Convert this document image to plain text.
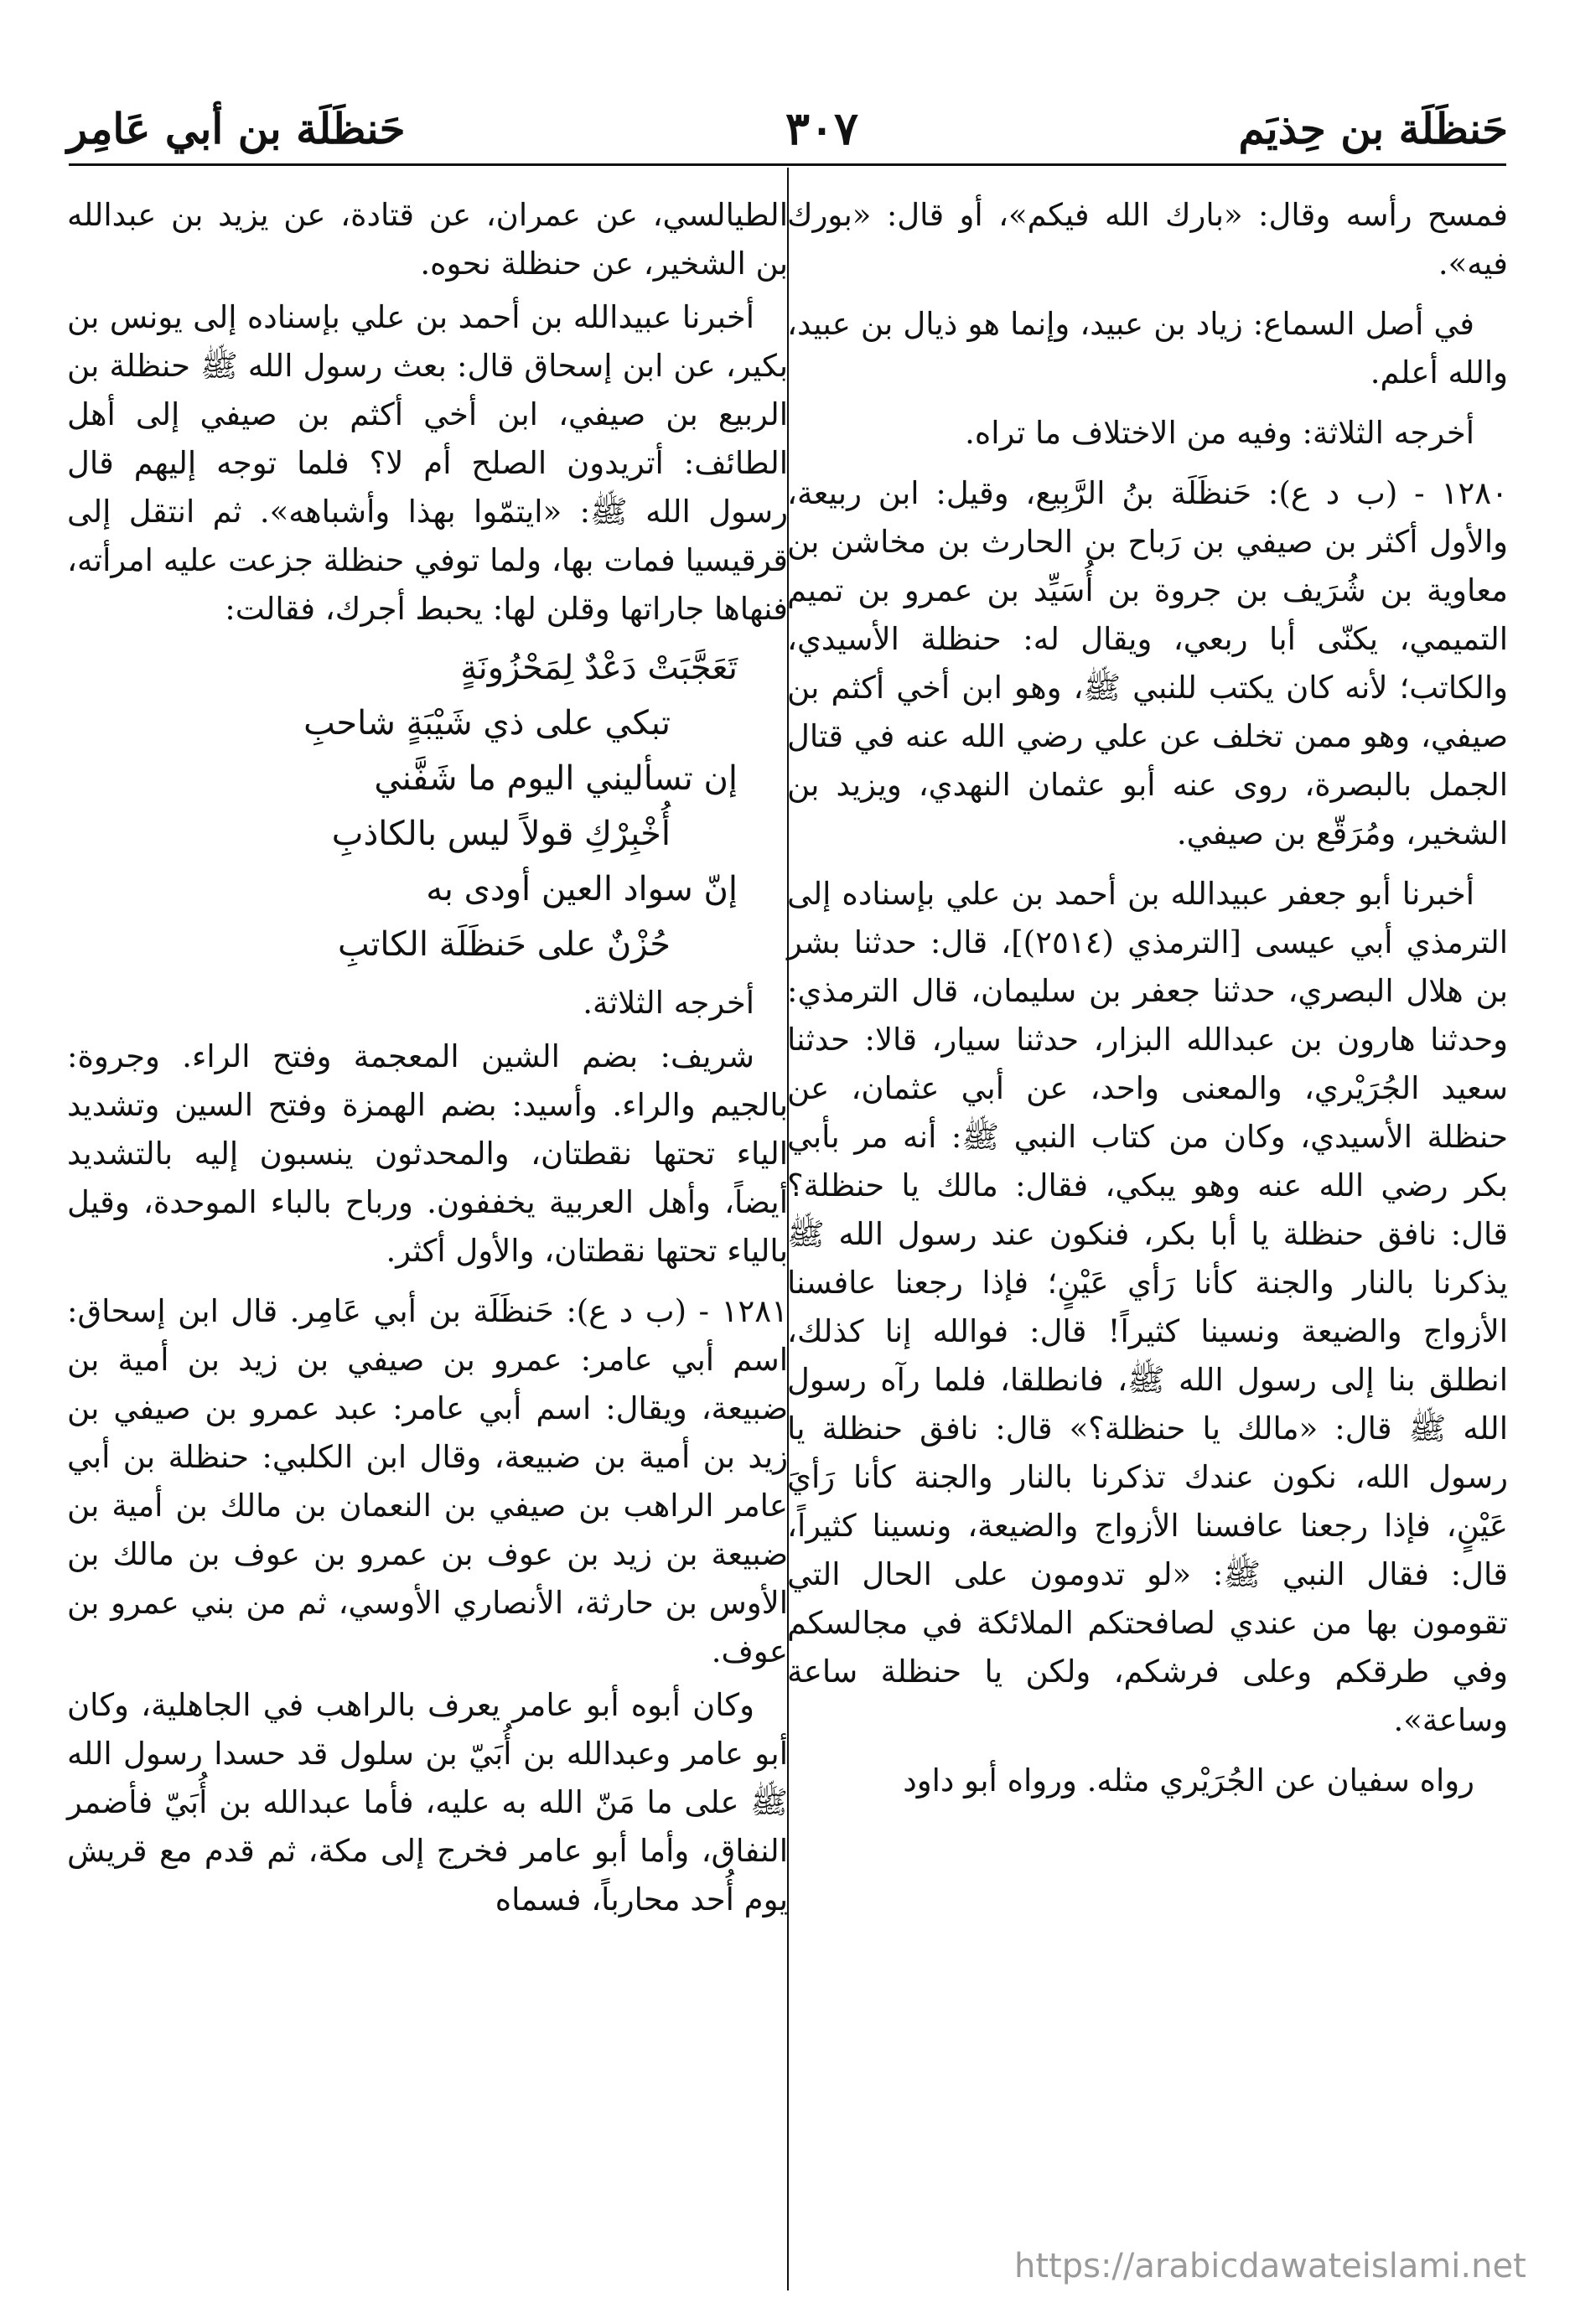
حَنظَلَة بن حِذيَم
٣٠٧
حَنظَلَة بن أبي عَامِر

فمسح رأسه وقال: «بارك الله فيكم»، أو قال: «بورك فيه».

في أصل السماع: زياد بن عبيد، وإنما هو ذيال بن عبيد، والله أعلم.

أخرجه الثلاثة: وفيه من الاختلاف ما تراه.

١٢٨٠ - (ب د ع): حَنظَلَة بنُ الرَّبِيع، وقيل: ابن ربيعة، والأول أكثر بن صيفي بن رَباح بن الحارث بن مخاشن بن معاوية بن شُرَيف بن جروة بن أُسَيِّد بن عمرو بن تميم التميمي، يكنّى أبا ربعي، ويقال له: حنظلة الأسيدي، والكاتب؛ لأنه كان يكتب للنبي ﷺ، وهو ابن أخي أكثم بن صيفي، وهو ممن تخلف عن علي رضي الله عنه في قتال الجمل بالبصرة، روى عنه أبو عثمان النهدي، ويزيد بن الشخير، ومُرَقّع بن صيفي.

أخبرنا أبو جعفر عبيدالله بن أحمد بن علي بإسناده إلى الترمذي أبي عيسى [الترمذي (٢٥١٤)]، قال: حدثنا بشر بن هلال البصري، حدثنا جعفر بن سليمان، قال الترمذي: وحدثنا هارون بن عبدالله البزار، حدثنا سيار، قالا: حدثنا سعيد الجُرَيْري، والمعنى واحد، عن أبي عثمان، عن حنظلة الأسيدي، وكان من كتاب النبي ﷺ: أنه مر بأبي بكر رضي الله عنه وهو يبكي، فقال: مالك يا حنظلة؟ قال: نافق حنظلة يا أبا بكر، فنكون عند رسول الله ﷺ يذكرنا بالنار والجنة كأنا رَأي عَيْنٍ؛ فإذا رجعنا عافسنا الأزواج والضيعة ونسينا كثيراً! قال: فوالله إنا كذلك، انطلق بنا إلى رسول الله ﷺ، فانطلقا، فلما رآه رسول الله ﷺ قال: «مالك يا حنظلة؟» قال: نافق حنظلة يا رسول الله، نكون عندك تذكرنا بالنار والجنة كأنا رَأيَ عَيْنٍ، فإذا رجعنا عافسنا الأزواج والضيعة، ونسينا كثيراً، قال: فقال النبي ﷺ: «لو تدومون على الحال التي تقومون بها من عندي لصافحتكم الملائكة في مجالسكم وفي طرقكم وعلى فرشكم، ولكن يا حنظلة ساعة وساعة».

رواه سفيان عن الجُرَيْري مثله. ورواه أبو داود

الطيالسي، عن عمران، عن قتادة، عن يزيد بن عبدالله بن الشخير، عن حنظلة نحوه.

أخبرنا عبيدالله بن أحمد بن علي بإسناده إلى يونس بن بكير، عن ابن إسحاق قال: بعث رسول الله ﷺ حنظلة بن الربيع بن صيفي، ابن أخي أكثم بن صيفي إلى أهل الطائف: أتريدون الصلح أم لا؟ فلما توجه إليهم قال رسول الله ﷺ: «ايتمّوا بهذا وأشباهه». ثم انتقل إلى قرقيسيا فمات بها، ولما توفي حنظلة جزعت عليه امرأته، فنهاها جاراتها وقلن لها: يحبط أجرك، فقالت:

تَعَجَّبَتْ دَعْدٌ لِمَحْزُونَةٍ
تبكي على ذي شَيْبَةٍ شاحبِ
إن تسأليني اليوم ما شَفَّني
أُخْبِرْكِ قولاً ليس بالكاذبِ
إنّ سواد العين أودى به
حُزْنٌ على حَنظَلَة الكاتبِ

أخرجه الثلاثة.

شريف: بضم الشين المعجمة وفتح الراء. وجروة: بالجيم والراء. وأسيد: بضم الهمزة وفتح السين وتشديد الياء تحتها نقطتان، والمحدثون ينسبون إليه بالتشديد أيضاً، وأهل العربية يخففون. ورباح بالباء الموحدة، وقيل بالياء تحتها نقطتان، والأول أكثر.

١٢٨١ - (ب د ع): حَنظَلَة بن أبي عَامِر. قال ابن إسحاق: اسم أبي عامر: عمرو بن صيفي بن زيد بن أمية بن ضبيعة، ويقال: اسم أبي عامر: عبد عمرو بن صيفي بن زيد بن أمية بن ضبيعة، وقال ابن الكلبي: حنظلة بن أبي عامر الراهب بن صيفي بن النعمان بن مالك بن أمية بن ضبيعة بن زيد بن عوف بن عمرو بن عوف بن مالك بن الأوس بن حارثة، الأنصاري الأوسي، ثم من بني عمرو بن عوف.

وكان أبوه أبو عامر يعرف بالراهب في الجاهلية، وكان أبو عامر وعبدالله بن أُبَيّ بن سلول قد حسدا رسول الله ﷺ على ما مَنّ الله به عليه، فأما عبدالله بن أُبَيّ فأضمر النفاق، وأما أبو عامر فخرج إلى مكة، ثم قدم مع قريش يوم أُحد محارباً، فسماه

https://arabicdawateislami.net
